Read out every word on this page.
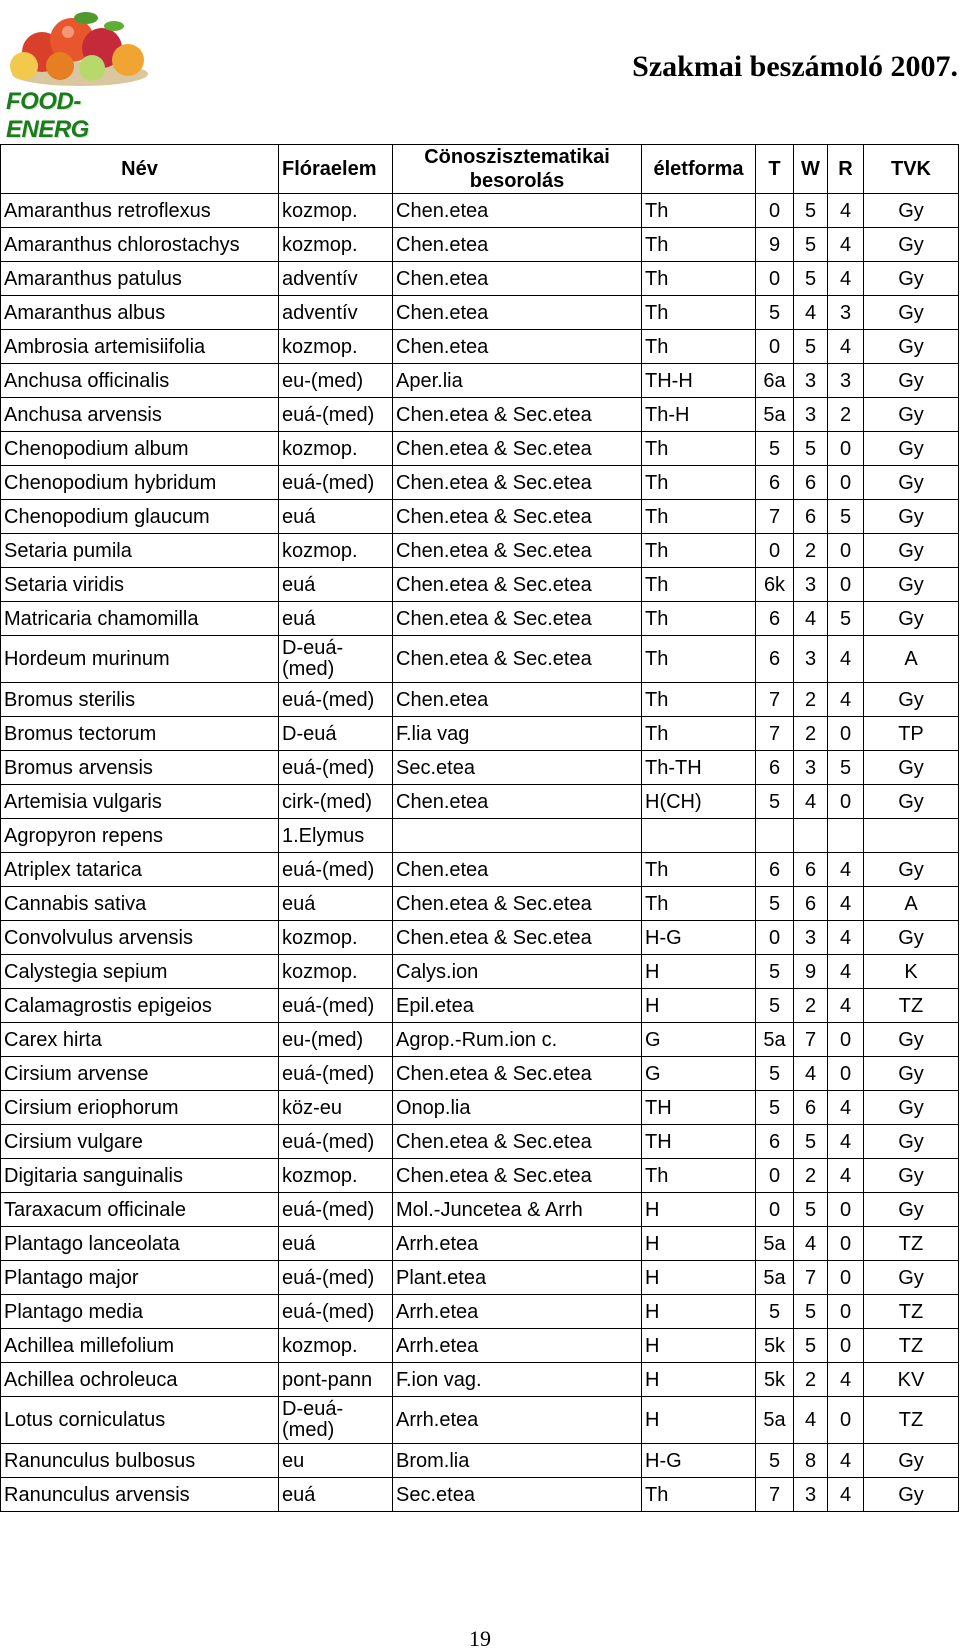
FOOD-ENERG
Szakmai beszámoló 2007.
Név	Flóraelem	Cönoszisztematikai besorolás	életforma	T	W	R	TVK
Amaranthus retroflexus	kozmop.	Chen.etea	Th	0	5	4	Gy
Amaranthus chlorostachys	kozmop.	Chen.etea	Th	9	5	4	Gy
Amaranthus patulus	adventív	Chen.etea	Th	0	5	4	Gy
Amaranthus albus	adventív	Chen.etea	Th	5	4	3	Gy
Ambrosia artemisiifolia	kozmop.	Chen.etea	Th	0	5	4	Gy
Anchusa officinalis	eu-(med)	Aper.lia	TH-H	6a	3	3	Gy
Anchusa arvensis	euá-(med)	Chen.etea & Sec.etea	Th-H	5a	3	2	Gy
Chenopodium album	kozmop.	Chen.etea & Sec.etea	Th	5	5	0	Gy
Chenopodium hybridum	euá-(med)	Chen.etea & Sec.etea	Th	6	6	0	Gy
Chenopodium glaucum	euá	Chen.etea & Sec.etea	Th	7	6	5	Gy
Setaria pumila	kozmop.	Chen.etea & Sec.etea	Th	0	2	0	Gy
Setaria viridis	euá	Chen.etea & Sec.etea	Th	6k	3	0	Gy
Matricaria chamomilla	euá	Chen.etea & Sec.etea	Th	6	4	5	Gy
Hordeum murinum	D-euá-(med)	Chen.etea & Sec.etea	Th	6	3	4	A
Bromus sterilis	euá-(med)	Chen.etea	Th	7	2	4	Gy
Bromus tectorum	D-euá	F.lia vag	Th	7	2	0	TP
Bromus arvensis	euá-(med)	Sec.etea	Th-TH	6	3	5	Gy
Artemisia vulgaris	cirk-(med)	Chen.etea	H(CH)	5	4	0	Gy
Agropyron repens	1.Elymus						
Atriplex tatarica	euá-(med)	Chen.etea	Th	6	6	4	Gy
Cannabis sativa	euá	Chen.etea & Sec.etea	Th	5	6	4	A
Convolvulus arvensis	kozmop.	Chen.etea & Sec.etea	H-G	0	3	4	Gy
Calystegia sepium	kozmop.	Calys.ion	H	5	9	4	K
Calamagrostis epigeios	euá-(med)	Epil.etea	H	5	2	4	TZ
Carex hirta	eu-(med)	Agrop.-Rum.ion c.	G	5a	7	0	Gy
Cirsium arvense	euá-(med)	Chen.etea & Sec.etea	G	5	4	0	Gy
Cirsium eriophorum	köz-eu	Onop.lia	TH	5	6	4	Gy
Cirsium vulgare	euá-(med)	Chen.etea & Sec.etea	TH	6	5	4	Gy
Digitaria sanguinalis	kozmop.	Chen.etea & Sec.etea	Th	0	2	4	Gy
Taraxacum officinale	euá-(med)	Mol.-Juncetea & Arrh	H	0	5	0	Gy
Plantago lanceolata	euá	Arrh.etea	H	5a	4	0	TZ
Plantago major	euá-(med)	Plant.etea	H	5a	7	0	Gy
Plantago media	euá-(med)	Arrh.etea	H	5	5	0	TZ
Achillea millefolium	kozmop.	Arrh.etea	H	5k	5	0	TZ
Achillea ochroleuca	pont-pann	F.ion vag.	H	5k	2	4	KV
Lotus corniculatus	D-euá-(med)	Arrh.etea	H	5a	4	0	TZ
Ranunculus bulbosus	eu	Brom.lia	H-G	5	8	4	Gy
Ranunculus arvensis	euá	Sec.etea	Th	7	3	4	Gy
19
